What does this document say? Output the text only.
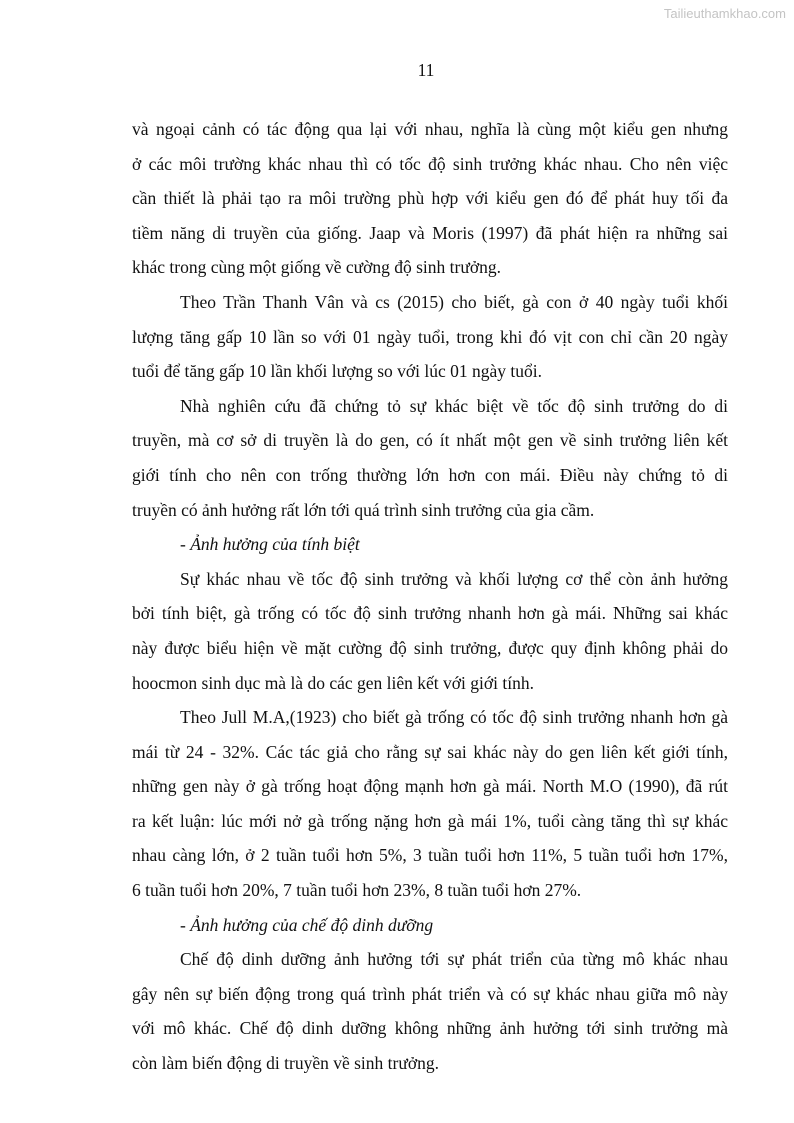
Tailieuthamkhao.com
11
và ngoại cảnh có tác động qua lại với nhau, nghĩa là cùng một kiểu gen nhưng
ở các môi trường khác nhau thì có tốc độ sinh trưởng khác nhau. Cho nên việc
cần thiết là phải tạo ra môi trường phù hợp với kiểu gen đó để phát huy tối đa
tiềm năng di truyền của giống. Jaap và Moris (1997) đã phát hiện ra những sai
khác trong cùng một giống về cường độ sinh trưởng.
Theo Trần Thanh Vân và cs (2015) cho biết, gà con ở 40 ngày tuổi khối
lượng tăng gấp 10 lần so với 01 ngày tuổi, trong khi đó vịt con chỉ cần 20 ngày
tuổi để tăng gấp 10 lần khối lượng so với lúc 01 ngày tuổi.
Nhà nghiên cứu đã chứng tỏ sự khác biệt về tốc độ sinh trưởng do di
truyền, mà cơ sở di truyền là do gen, có ít nhất một gen về sinh trưởng liên kết
giới tính cho nên con trống thường lớn hơn con mái. Điều này chứng tỏ di
truyền có ảnh hưởng rất lớn tới quá trình sinh trưởng của gia cầm.
- Ảnh hưởng của tính biệt
Sự khác nhau về tốc độ sinh trưởng và khối lượng cơ thể còn ảnh hưởng
bởi tính biệt, gà trống có tốc độ sinh trưởng nhanh hơn gà mái. Những sai khác
này được biểu hiện về mặt cường độ sinh trưởng, được quy định không phải do
hoocmon sinh dục mà là do các gen liên kết với giới tính.
Theo Jull M.A,(1923) cho biết gà trống có tốc độ sinh trưởng nhanh hơn gà
mái từ 24 - 32%. Các tác giả cho rằng sự sai khác này do gen liên kết giới tính,
những gen này ở gà trống hoạt động mạnh hơn gà mái. North M.O (1990), đã rút
ra kết luận: lúc mới nở gà trống nặng hơn gà mái 1%, tuổi càng tăng thì sự khác
nhau càng lớn, ở 2 tuần tuổi hơn 5%, 3 tuần tuổi hơn 11%, 5 tuần tuổi hơn 17%,
6 tuần tuổi hơn 20%, 7 tuần tuổi hơn 23%, 8 tuần tuổi hơn 27%.
- Ảnh hưởng của chế độ dinh dưỡng
Chế độ dinh dưỡng ảnh hưởng tới sự phát triển của từng mô khác nhau
gây nên sự biến động trong quá trình phát triển và có sự khác nhau giữa mô này
với mô khác. Chế độ dinh dưỡng không những ảnh hưởng tới sinh trưởng mà
còn làm biến động di truyền về sinh trưởng.
